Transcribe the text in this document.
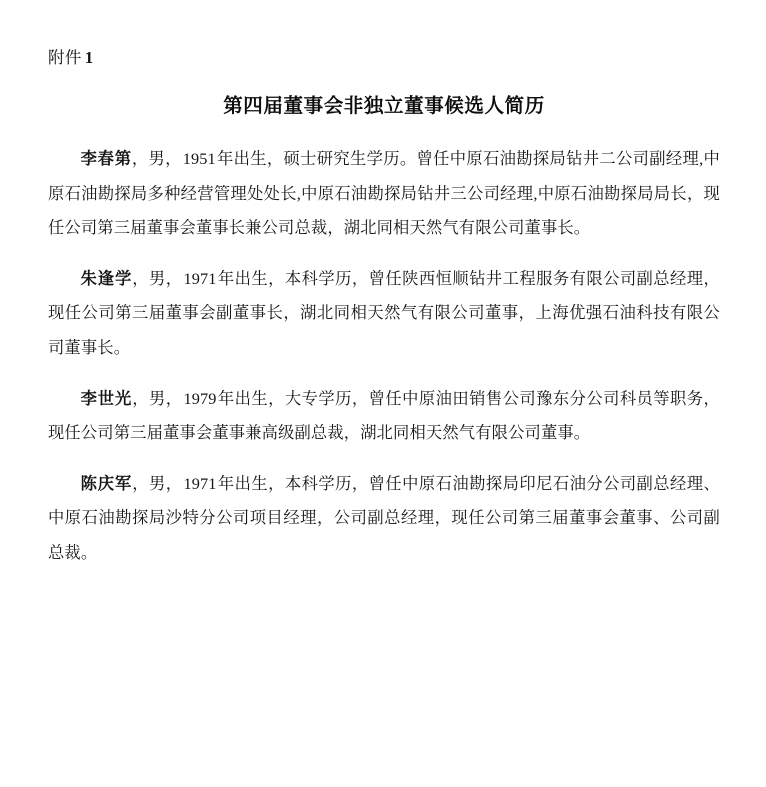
附件 1
第四届董事会非独立董事候选人简历

李春第，男，1951年出生，硕士研究生学历。曾任中原石油勘探局钻井二公司副经理,中原石油勘探局多种经营管理处处长,中原石油勘探局钻井三公司经理,中原石油勘探局局长，现任公司第三届董事会董事长兼公司总裁，湖北同相天然气有限公司董事长。

朱逢学，男，1971年出生，本科学历，曾任陕西恒顺钻井工程服务有限公司副总经理，现任公司第三届董事会副董事长，湖北同相天然气有限公司董事，上海优强石油科技有限公司董事长。

李世光，男，1979年出生，大专学历，曾任中原油田销售公司豫东分公司科员等职务，现任公司第三届董事会董事兼高级副总裁，湖北同相天然气有限公司董事。

陈庆军，男，1971年出生，本科学历，曾任中原石油勘探局印尼石油分公司副总经理、中原石油勘探局沙特分公司项目经理，公司副总经理，现任公司第三届董事会董事、公司副总裁。
